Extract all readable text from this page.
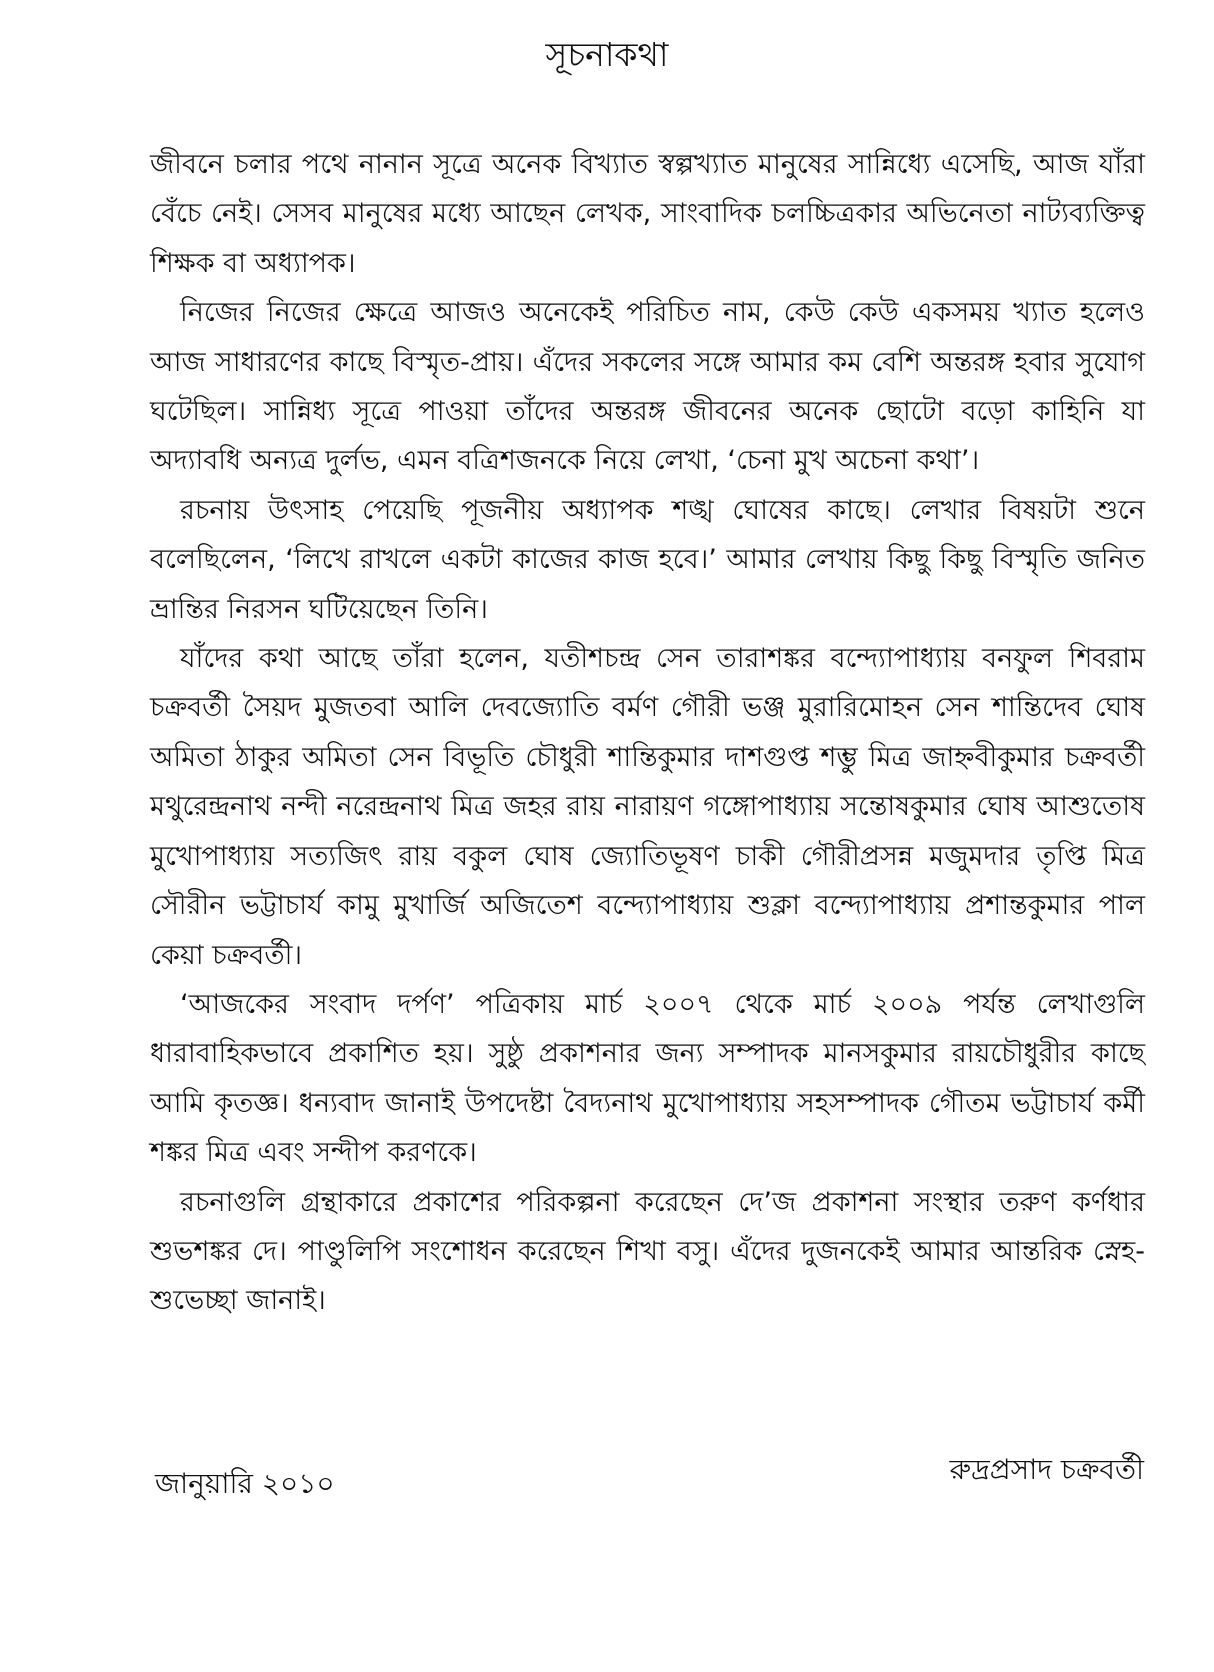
সূচনাকথা

জীবনে চলার পথে নানান সূত্রে অনেক বিখ্যাত স্বল্পখ্যাত মানুষের সান্নিধ্যে এসেছি, আজ যাঁরা বেঁচে নেই। সেসব মানুষের মধ্যে আছেন লেখক, সাংবাদিক চলচ্চিত্রকার অভিনেতা নাট্যব্যক্তিত্ব শিক্ষক বা অধ্যাপক।

নিজের নিজের ক্ষেত্রে আজও অনেকেই পরিচিত নাম, কেউ কেউ একসময় খ্যাত হলেও আজ সাধারণের কাছে বিস্মৃত-প্রায়। এঁদের সকলের সঙ্গে আমার কম বেশি অন্তরঙ্গ হবার সুযোগ ঘটেছিল। সান্নিধ্য সূত্রে পাওয়া তাঁদের অন্তরঙ্গ জীবনের অনেক ছোটো বড়ো কাহিনি যা অদ্যাবধি অন্যত্র দুর্লভ, এমন বত্রিশজনকে নিয়ে লেখা, ‘চেনা মুখ অচেনা কথা’।

রচনায় উৎসাহ পেয়েছি পূজনীয় অধ্যাপক শঙ্খ ঘোষের কাছে। লেখার বিষয়টা শুনে বলেছিলেন, ‘লিখে রাখলে একটা কাজের কাজ হবে।’ আমার লেখায় কিছু কিছু বিস্মৃতি জনিত ভ্রান্তির নিরসন ঘটিয়েছেন তিনি।

যাঁদের কথা আছে তাঁরা হলেন, যতীশচন্দ্র সেন তারাশঙ্কর বন্দ্যোপাধ্যায় বনফুল শিবরাম চক্রবর্তী সৈয়দ মুজতবা আলি দেবজ্যোতি বর্মণ গৌরী ভঞ্জ মুরারিমোহন সেন শান্তিদেব ঘোষ অমিতা ঠাকুর অমিতা সেন বিভূতি চৌধুরী শান্তিকুমার দাশগুপ্ত শম্ভু মিত্র জাহ্নবীকুমার চক্রবর্তী মথুরেন্দ্রনাথ নন্দী নরেন্দ্রনাথ মিত্র জহর রায় নারায়ণ গঙ্গোপাধ্যায় সন্তোষকুমার ঘোষ আশুতোষ মুখোপাধ্যায় সত্যজিৎ রায় বকুল ঘোষ জ্যোতিভূষণ চাকী গৌরীপ্রসন্ন মজুমদার তৃপ্তি মিত্র সৌরীন ভট্টাচার্য কামু মুখার্জি অজিতেশ বন্দ্যোপাধ্যায় শুক্লা বন্দ্যোপাধ্যায় প্রশান্তকুমার পাল কেয়া চক্রবর্তী।

‘আজকের সংবাদ দর্পণ’ পত্রিকায় মার্চ ২০০৭ থেকে মার্চ ২০০৯ পর্যন্ত লেখাগুলি ধারাবাহিকভাবে প্রকাশিত হয়। সুষ্ঠু প্রকাশনার জন্য সম্পাদক মানসকুমার রায়চৌধুরীর কাছে আমি কৃতজ্ঞ। ধন্যবাদ জানাই উপদেষ্টা বৈদ্যনাথ মুখোপাধ্যায় সহসম্পাদক গৌতম ভট্টাচার্য কর্মী শঙ্কর মিত্র এবং সন্দীপ করণকে।

রচনাগুলি গ্রন্থাকারে প্রকাশের পরিকল্পনা করেছেন দে’জ প্রকাশনা সংস্থার তরুণ কর্ণধার শুভশঙ্কর দে। পাণ্ডুলিপি সংশোধন করেছেন শিখা বসু। এঁদের দুজনকেই আমার আন্তরিক স্নেহ-শুভেচ্ছা জানাই।

জানুয়ারি ২০১০	রুদ্রপ্রসাদ চক্রবর্তী
